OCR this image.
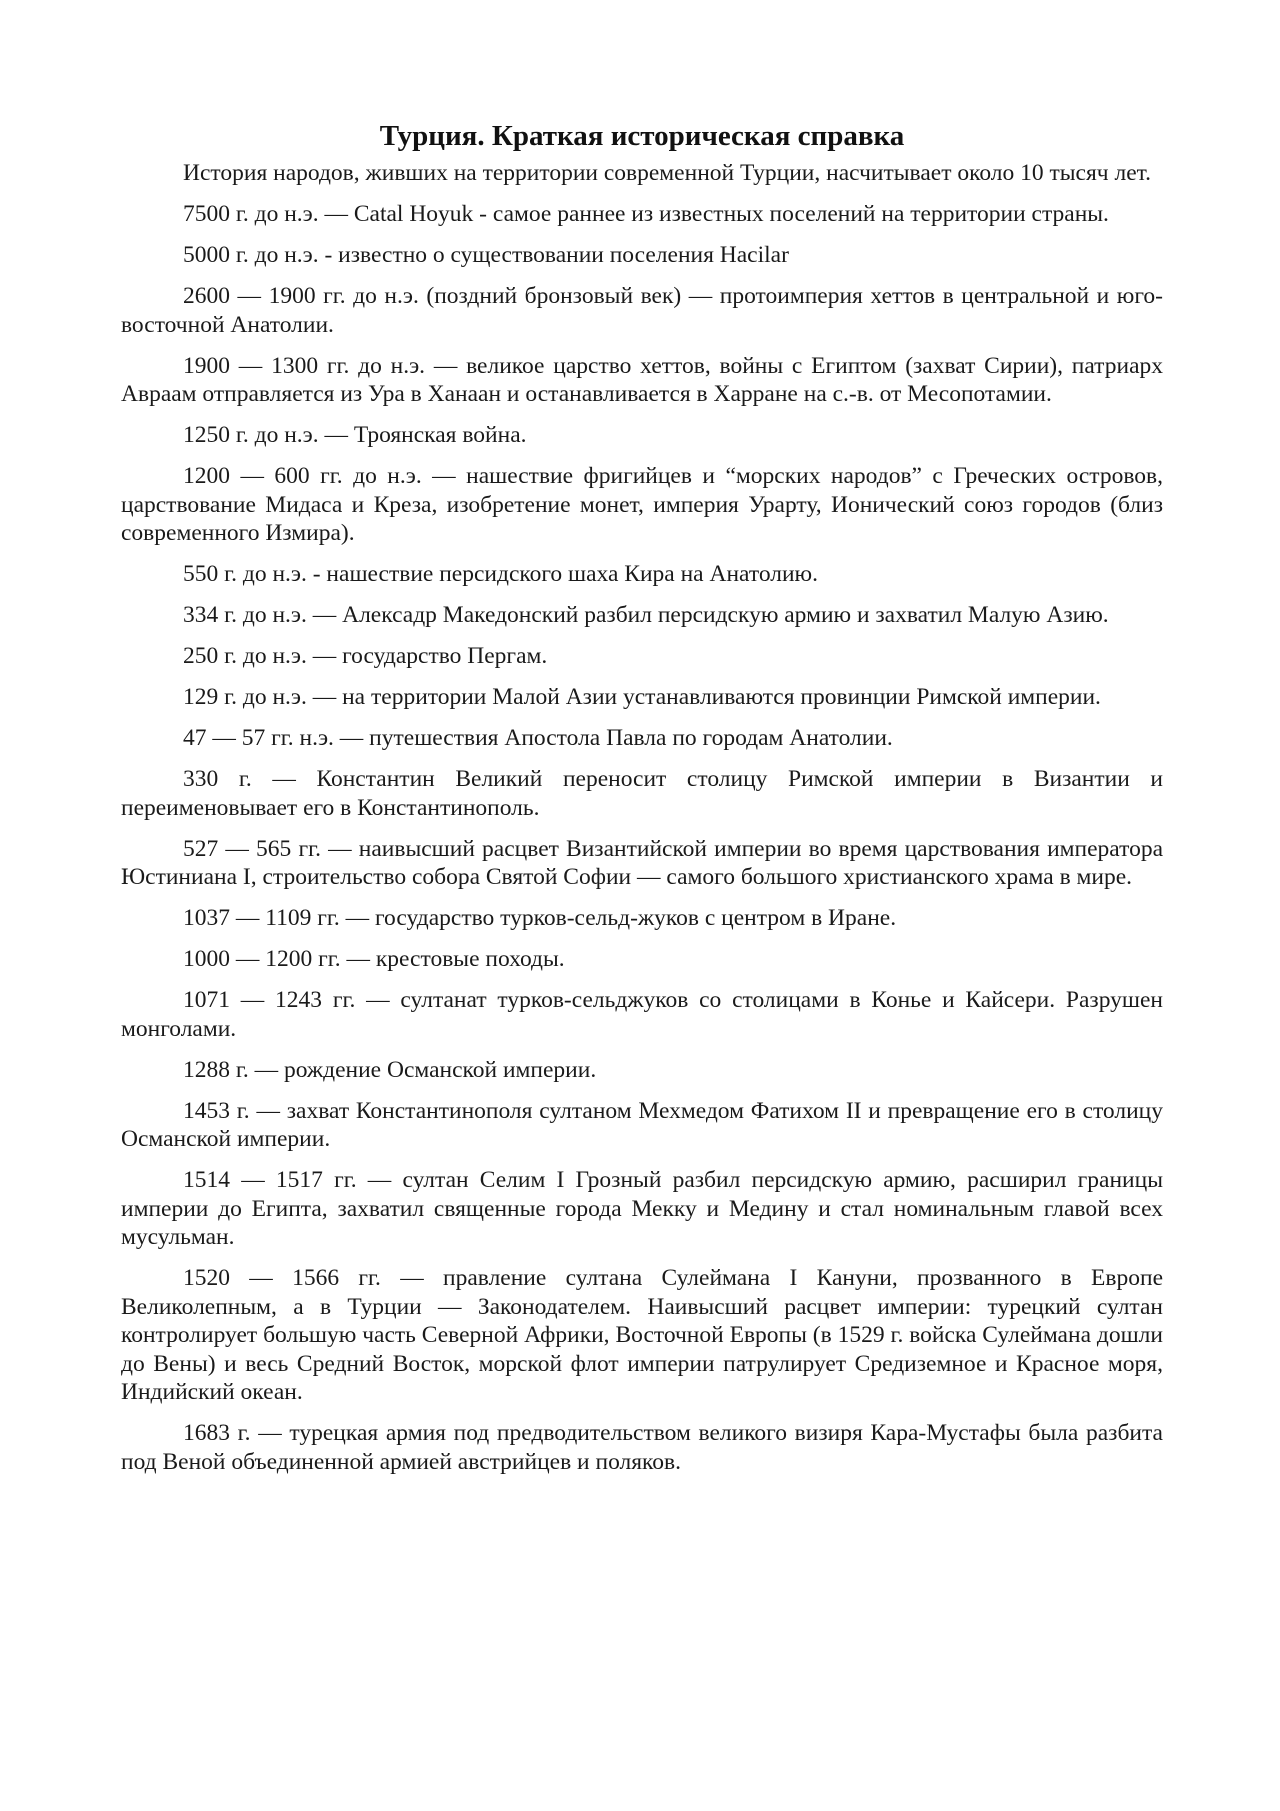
Турция. Краткая историческая справка

История народов, живших на территории современной Турции, насчитывает около 10 тысяч лет.

7500 г. до н.э. — Catal Hoyuk - самое раннее из известных поселений на территории страны.

5000 г. до н.э. - известно о существовании поселения Hacilar

2600 — 1900 гг. до н.э. (поздний бронзовый век) — протоимперия хеттов в центральной и юго-восточной Анатолии.

1900 — 1300 гг. до н.э. — великое царство хеттов, войны с Египтом (захват Сирии), патриарх Авраам отправляется из Ура в Ханаан и останавливается в Харране на с.-в. от Месопотамии.

1250 г. до н.э. — Троянская война.

1200 — 600 гг. до н.э. — нашествие фригийцев и “морских народов” с Греческих островов, царствование Мидаса и Креза, изобретение монет, империя Урарту, Ионический союз городов (близ современного Измира).

550 г. до н.э. - нашествие персидского шаха Кира на Анатолию.

334 г. до н.э. — Алексадр Македонский разбил персидскую армию и захватил Малую Азию.

250 г. до н.э. — государство Пергам.

129 г. до н.э. — на территории Малой Азии устанавливаются провинции Римской империи.

47 — 57 гг. н.э. — путешествия Апостола Павла по городам Анатолии.

330 г. — Константин Великий переносит столицу Римской империи в Византии и переименовывает его в Константинополь.

527 — 565 гг. — наивысший расцвет Византийской империи во время царствования императора Юстиниана I, строительство собора Святой Софии — самого большого христианского храма в мире.

1037 — 1109 гг. — государство турков-сельд-жуков с центром в Иране.

1000 — 1200 гг. — крестовые походы.

1071 — 1243 гг. — султанат турков-сельджуков со столицами в Конье и Кайсери. Разрушен монголами.

1288 г. — рождение Османской империи.

1453 г. — захват Константинополя султаном Мехмедом Фатихом II и превращение его в столицу Османской империи.

1514 — 1517 гг. — султан Селим I Грозный разбил персидскую армию, расширил границы империи до Египта, захватил священные города Мекку и Медину и стал номинальным главой всех мусульман.

1520 — 1566 гг. — правление султана Сулеймана I Кануни, прозванного в Европе Великолепным, а в Турции — Законодателем. Наивысший расцвет империи: турецкий султан контролирует большую часть Северной Африки, Восточной Европы (в 1529 г. войска Сулеймана дошли до Вены) и весь Средний Восток, морской флот империи патрулирует Средиземное и Красное моря, Индийский океан.

1683 г. — турецкая армия под предводительством великого визиря Кара-Мустафы была разбита под Веной объединенной армией австрийцев и поляков.
